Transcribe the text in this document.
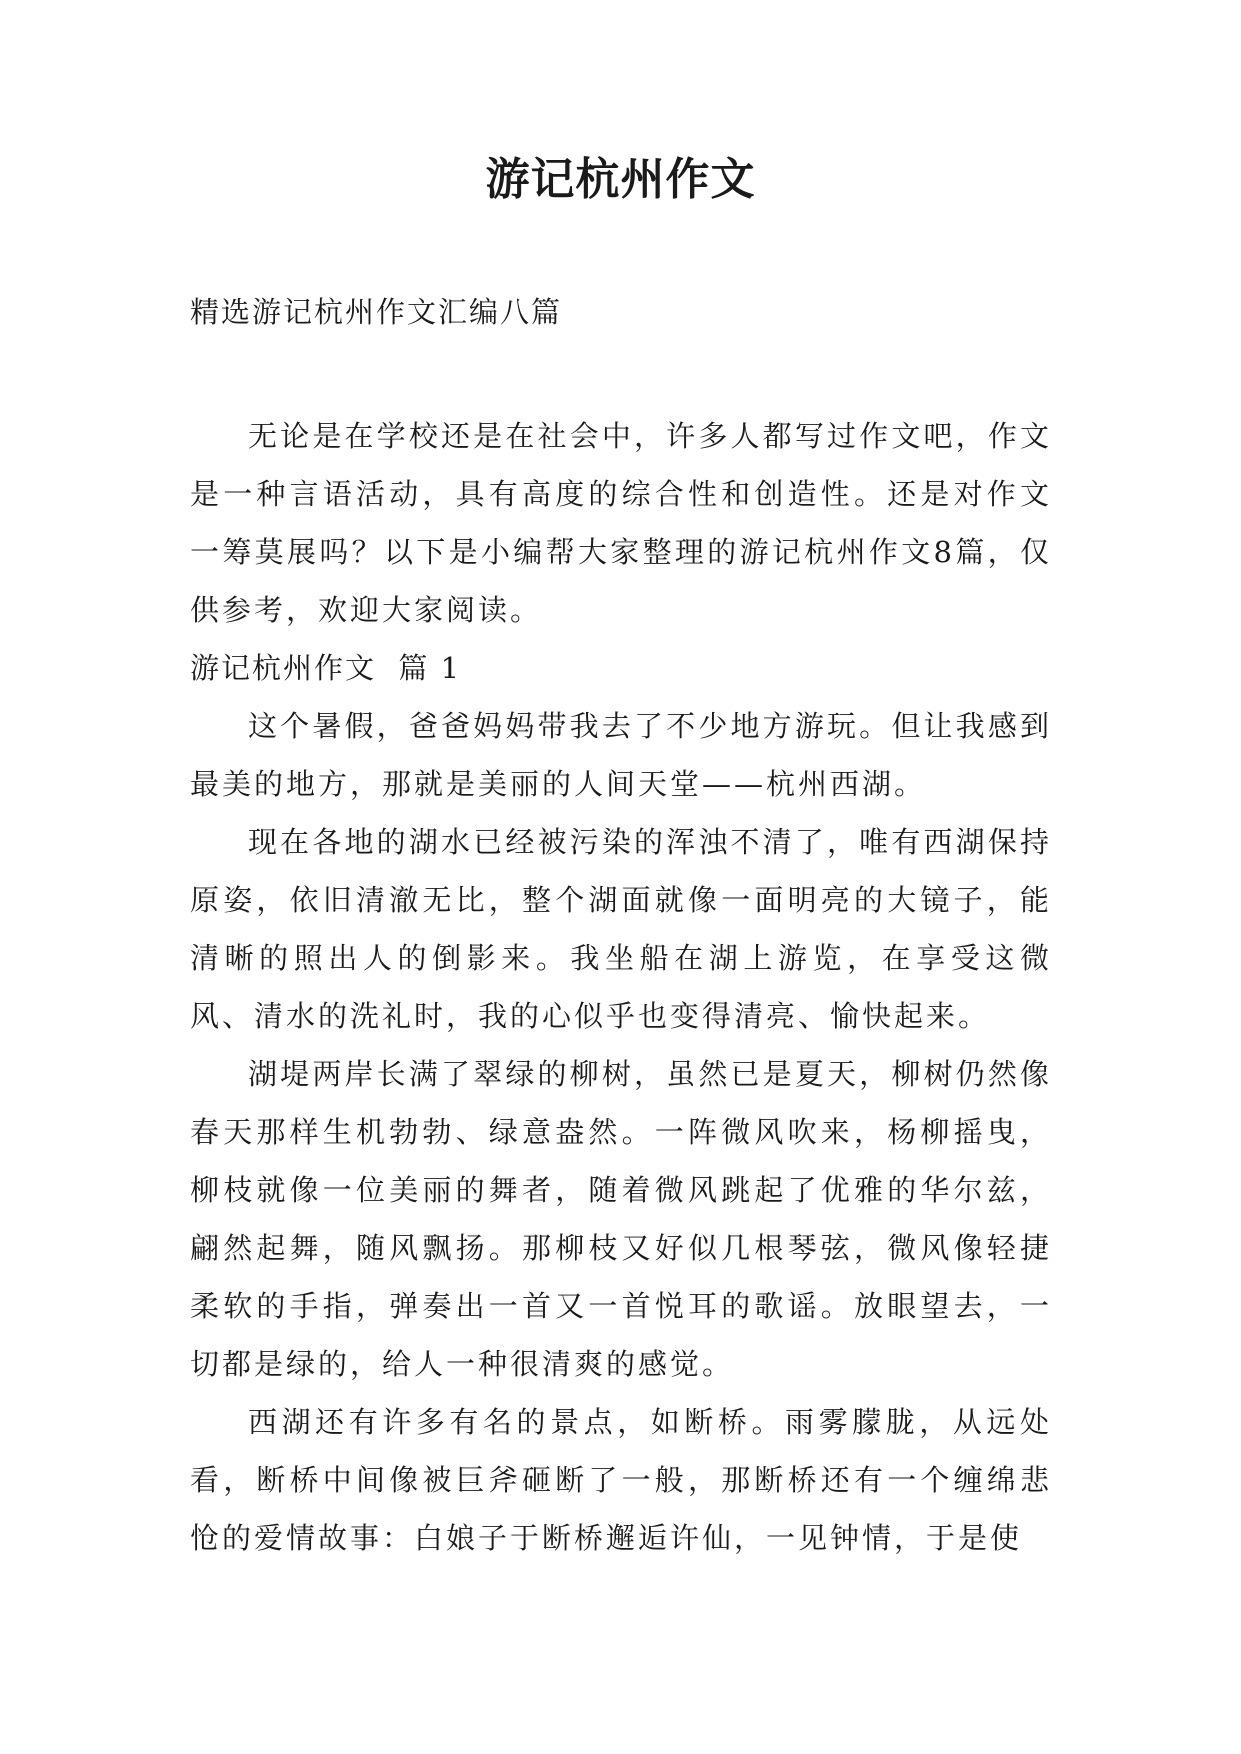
游记杭州作文

精选游记杭州作文汇编八篇

无论是在学校还是在社会中，许多人都写过作文吧，作文是一种言语活动，具有高度的综合性和创造性。还是对作文一筹莫展吗？以下是小编帮大家整理的游记杭州作文8篇，仅供参考，欢迎大家阅读。

游记杭州作文  篇 1

这个暑假，爸爸妈妈带我去了不少地方游玩。但让我感到最美的地方，那就是美丽的人间天堂——杭州西湖。

现在各地的湖水已经被污染的浑浊不清了，唯有西湖保持原姿，依旧清澈无比，整个湖面就像一面明亮的大镜子，能清晰的照出人的倒影来。我坐船在湖上游览，在享受这微风、清水的洗礼时，我的心似乎也变得清亮、愉快起来。

湖堤两岸长满了翠绿的柳树，虽然已是夏天，柳树仍然像春天那样生机勃勃、绿意盎然。一阵微风吹来，杨柳摇曳，柳枝就像一位美丽的舞者，随着微风跳起了优雅的华尔兹，翩然起舞，随风飘扬。那柳枝又好似几根琴弦，微风像轻捷柔软的手指，弹奏出一首又一首悦耳的歌谣。放眼望去，一切都是绿的，给人一种很清爽的感觉。

西湖还有许多有名的景点，如断桥。雨雾朦胧，从远处看，断桥中间像被巨斧砸断了一般，那断桥还有一个缠绵悲怆的爱情故事：白娘子于断桥邂逅许仙，一见钟情，于是使
